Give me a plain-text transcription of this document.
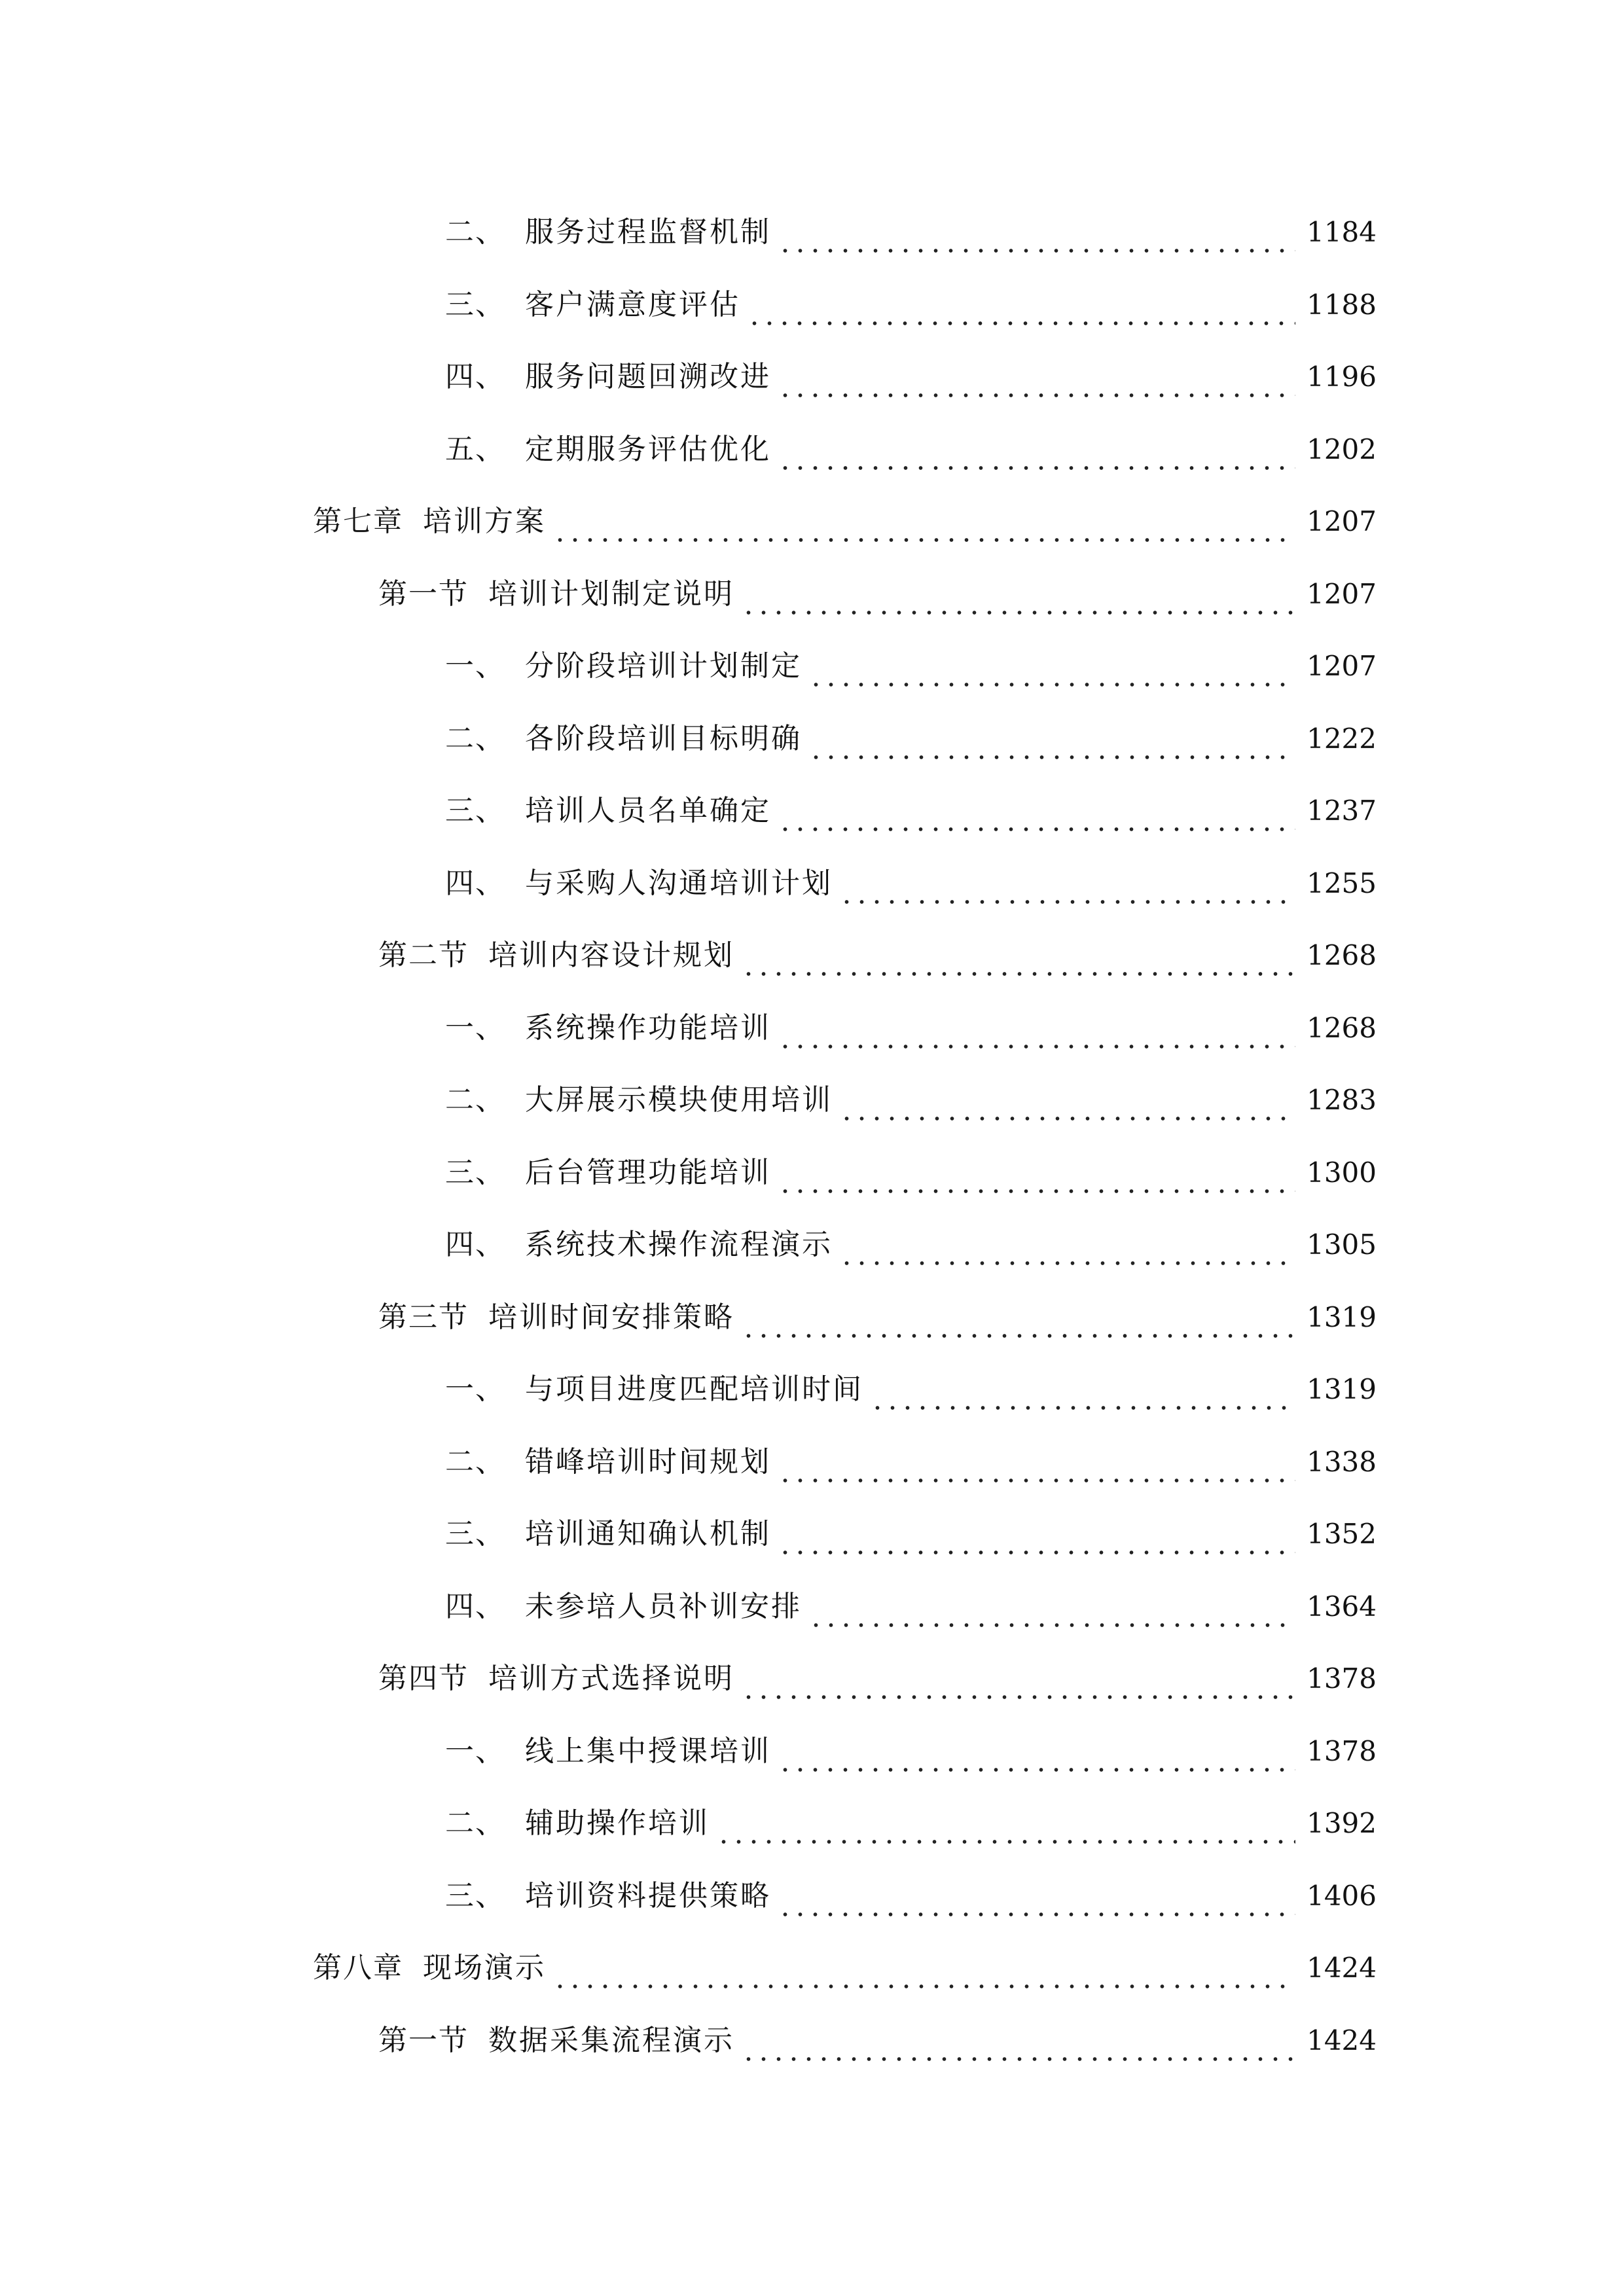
二、 服务过程监督机制	1184
三、 客户满意度评估	1188
四、 服务问题回溯改进	1196
五、 定期服务评估优化	1202
第七章 培训方案	1207
第一节 培训计划制定说明	1207
一、 分阶段培训计划制定	1207
二、 各阶段培训目标明确	1222
三、 培训人员名单确定	1237
四、 与采购人沟通培训计划	1255
第二节 培训内容设计规划	1268
一、 系统操作功能培训	1268
二、 大屏展示模块使用培训	1283
三、 后台管理功能培训	1300
四、 系统技术操作流程演示	1305
第三节 培训时间安排策略	1319
一、 与项目进度匹配培训时间	1319
二、 错峰培训时间规划	1338
三、 培训通知确认机制	1352
四、 未参培人员补训安排	1364
第四节 培训方式选择说明	1378
一、 线上集中授课培训	1378
二、 辅助操作培训	1392
三、 培训资料提供策略	1406
第八章 现场演示	1424
第一节 数据采集流程演示	1424
